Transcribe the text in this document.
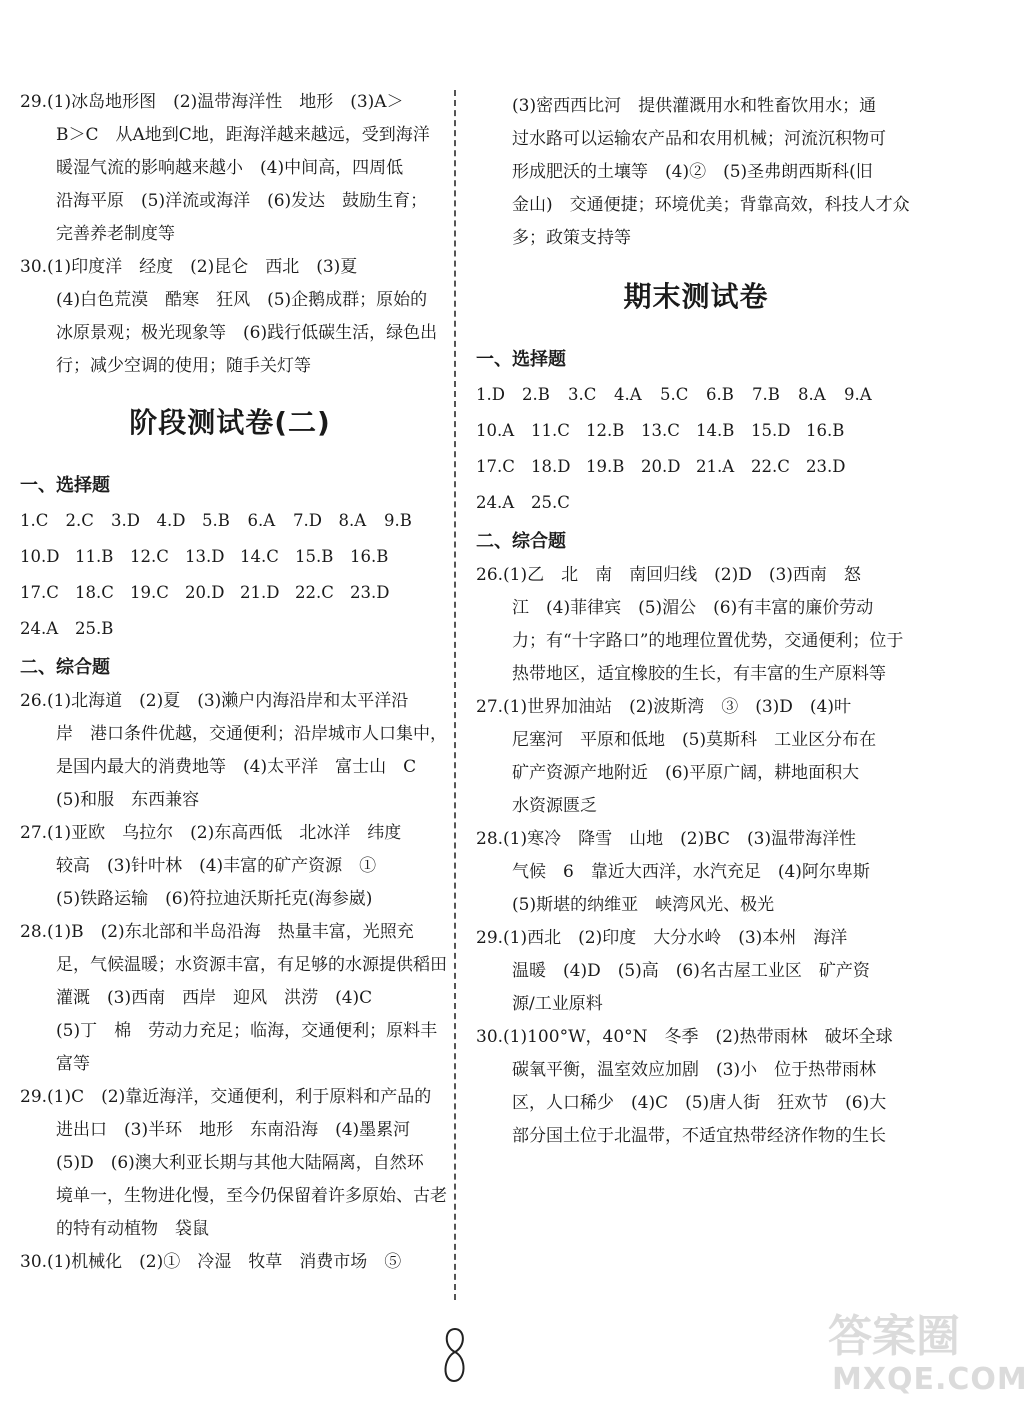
29.(1)冰岛地形图　(2)温带海洋性　地形　(3)A＞
B＞C　从A地到C地，距海洋越来越远，受到海洋
暖湿气流的影响越来越小　(4)中间高，四周低
沿海平原　(5)洋流或海洋　(6)发达　鼓励生育；
完善养老制度等
30.(1)印度洋　经度　(2)昆仑　西北　(3)夏
(4)白色荒漠　酷寒　狂风　(5)企鹅成群；原始的
冰原景观；极光现象等　(6)践行低碳生活，绿色出
行；减少空调的使用；随手关灯等
阶段测试卷(二)
一、选择题
1.C 2.C 3.D 4.D 5.B 6.A 7.D 8.A 9.B
10.D 11.B 12.C 13.D 14.C 15.B 16.B
17.C 18.C 19.C 20.D 21.D 22.C 23.D
24.A 25.B
二、综合题
26.(1)北海道　(2)夏　(3)濑户内海沿岸和太平洋沿
岸　港口条件优越，交通便利；沿岸城市人口集中，
是国内最大的消费地等　(4)太平洋　富士山　C
(5)和服　东西兼容
27.(1)亚欧　乌拉尔　(2)东高西低　北冰洋　纬度
较高　(3)针叶林　(4)丰富的矿产资源　①
(5)铁路运输　(6)符拉迪沃斯托克(海参崴)
28.(1)B　(2)东北部和半岛沿海　热量丰富，光照充
足，气候温暖；水资源丰富，有足够的水源提供稻田
灌溉　(3)西南　西岸　迎风　洪涝　(4)C
(5)丁　棉　劳动力充足；临海，交通便利；原料丰
富等
29.(1)C　(2)靠近海洋，交通便利，利于原料和产品的
进出口　(3)半环　地形　东南沿海　(4)墨累河
(5)D　(6)澳大利亚长期与其他大陆隔离，自然环
境单一，生物进化慢，至今仍保留着许多原始、古老
的特有动植物　袋鼠
30.(1)机械化　(2)①　冷湿　牧草　消费市场　⑤
(3)密西西比河　提供灌溉用水和牲畜饮用水；通
过水路可以运输农产品和农用机械；河流沉积物可
形成肥沃的土壤等　(4)②　(5)圣弗朗西斯科(旧
金山)　交通便捷；环境优美；背靠高效，科技人才众
多；政策支持等
期末测试卷
一、选择题
1.D 2.B 3.C 4.A 5.C 6.B 7.B 8.A 9.A
10.A 11.C 12.B 13.C 14.B 15.D 16.B
17.C 18.D 19.B 20.D 21.A 22.C 23.D
24.A 25.C
二、综合题
26.(1)乙　北　南　南回归线　(2)D　(3)西南　怒
江　(4)菲律宾　(5)湄公　(6)有丰富的廉价劳动
力；有“十字路口”的地理位置优势，交通便利；位于
热带地区，适宜橡胶的生长，有丰富的生产原料等
27.(1)世界加油站　(2)波斯湾　③　(3)D　(4)叶
尼塞河　平原和低地　(5)莫斯科　工业区分布在
矿产资源产地附近　(6)平原广阔，耕地面积大
水资源匮乏
28.(1)寒冷　降雪　山地　(2)BC　(3)温带海洋性
气候　6　靠近大西洋，水汽充足　(4)阿尔卑斯
(5)斯堪的纳维亚　峡湾风光、极光
29.(1)西北　(2)印度　大分水岭　(3)本州　海洋
温暖　(4)D　(5)高　(6)名古屋工业区　矿产资
源/工业原料
30.(1)100°W，40°N　冬季　(2)热带雨林　破坏全球
碳氧平衡，温室效应加剧　(3)小　位于热带雨林
区，人口稀少　(4)C　(5)唐人街　狂欢节　(6)大
部分国土位于北温带，不适宜热带经济作物的生长
答案圈
MXQE.COM
